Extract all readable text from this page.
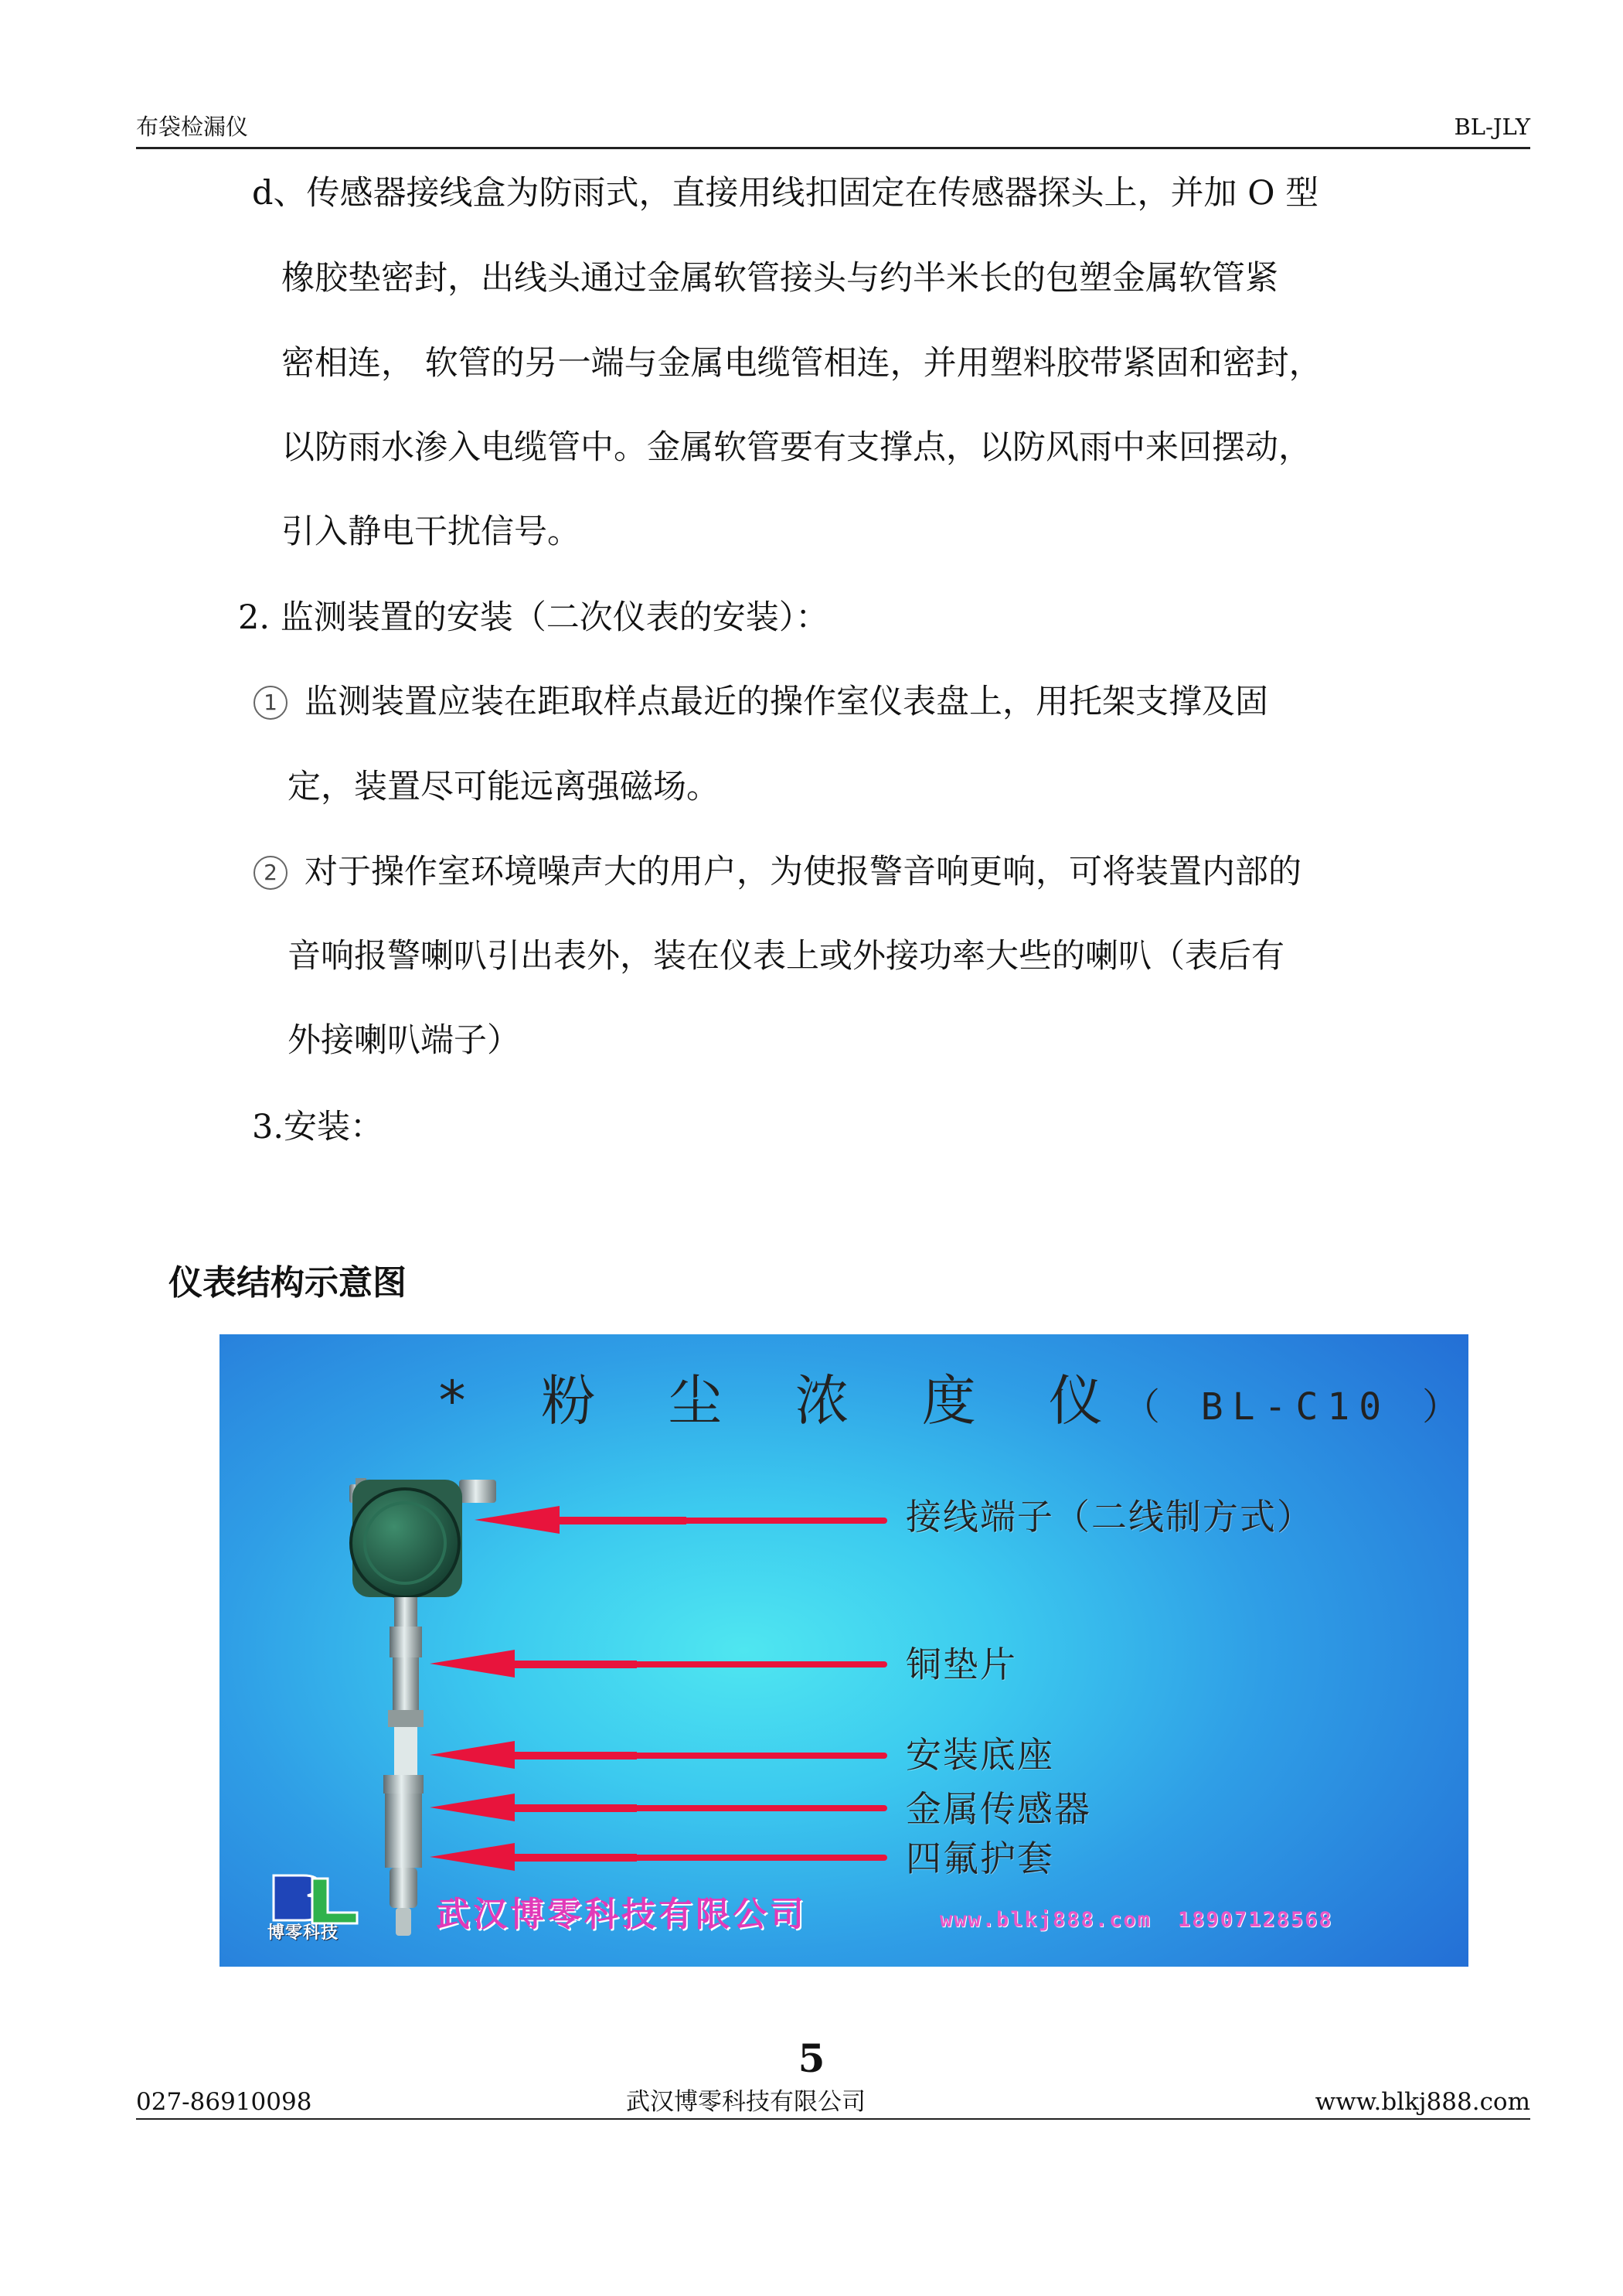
布袋检漏仪	BL-JLY
d、传感器接线盒为防雨式，直接用线扣固定在传感器探头上，并加 O 型
橡胶垫密封，出线头通过金属软管接头与约半米长的包塑金属软管紧
密相连， 软管的另一端与金属电缆管相连，并用塑料胶带紧固和密封，
以防雨水渗入电缆管中。金属软管要有支撑点，以防风雨中来回摆动，
引入静电干扰信号。
2. 监测装置的安装（二次仪表的安装）：
1 监测装置应装在距取样点最近的操作室仪表盘上，用托架支撑及固
定，装置尽可能远离强磁场。
2 对于操作室环境噪声大的用户，为使报警音响更响，可将装置内部的
音响报警喇叭引出表外，装在仪表上或外接功率大些的喇叭（表后有
外接喇叭端子）
3.安装：
仪表结构示意图
* 粉 尘 浓 度 仪（ BL-C10 ）
接线端子（二线制方式）
铜垫片
安装底座
金属传感器
四氟护套
博零科技	武汉博零科技有限公司	www.blkj888.com 18907128568
5
027-86910098	武汉博零科技有限公司	www.blkj888.com
